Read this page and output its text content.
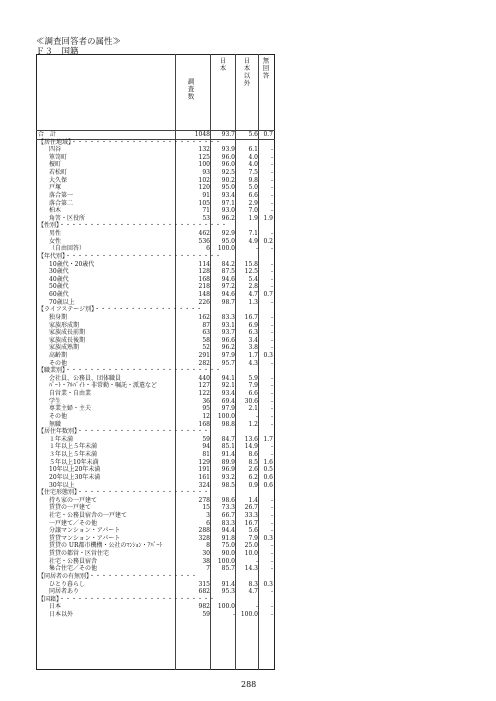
≪調査回答者の属性≫
Ｆ３　国籍
調査数
日本 日本以外 無回答
合　計	1048	93.7	5.6 0.7
【居住地域】・・・・・・・・・・・・・・・・・・・・・・・・・
四谷	132	93.9	6.1	-
箪笥町	125	96.0	4.0	-
榎町	100	96.0	4.0	-
若松町	93	92.5	7.5	-
大久保	102	90.2	9.8	-
戸塚	120	95.0	5.0	-
落合第一	91	93.4	6.6	-
落合第二	105	97.1	2.9	-
柏木	71	93.0	7.0	-
角筈・区役所	53	96.2	1.9 1.9
【性別】・・・・・・・・・・・・・・・・・・・・・・・・・・・・
男性	462	92.9	7.1	-
女性	536	95.0	4.9 0.2
（自由回答）	6	100.0	-	-
【年代別】・・・・・・・・・・・・・・・・・・・・・・・・・・
10歳代・20歳代	114	84.2	15.8	-
30歳代	128	87.5	12.5	-
40歳代	168	94.6	5.4	-
50歳代	218	97.2	2.8	-
60歳代	148	94.6	4.7 0.7
70歳以上	226	98.7	1.3	-
【ライフステージ別】・・・・・・・・・・・・・・・・・・
独身期	162	83.3	16.7	-
家族形成期	87	93.1	6.9	-
家族成長前期	63	93.7	6.3	-
家族成長後期	58	96.6	3.4	-
家族成熟期	52	96.2	3.8	-
高齢期	291	97.9	1.7 0.3
その他	282	95.7	4.3	-
【職業別】・・・・・・・・・・・・・・・・・・・・・・・・・・
会社員、公務員、団体職員	440	94.1	5.9	-
ﾊﾟｰﾄ・ｱﾙﾊﾞｲﾄ・非常勤・嘱託・派遣など	127	92.1	7.9	-
自営業・自由業	122	93.4	6.6	-
学生	36	69.4	30.6	-
専業主婦・主夫	95	97.9	2.1	-
その他	12	100.0	-	-
無職	168	98.8	1.2	-
【居住年数別】・・・・・・・・・・・・・・・・・・・・・・
１年未満	59	84.7	13.6 1.7
１年以上５年未満	94	85.1	14.9	-
３年以上５年未満	81	91.4	8.6	-
５年以上10年未満	129	89.9	8.5 1.6
10年以上20年未満	191	96.9	2.6 0.5
20年以上30年未満	161	93.2	6.2 0.6
30年以上	324	98.5	0.9 0.6
【住宅形態別】・・・・・・・・・・・・・・・・・・・・・・
持ち家の一戸建て	278	98.6	1.4	-
賃貸の一戸建て	15	73.3	26.7	-
社宅・公務員宿舎の一戸建て	3	66.7	33.3	-
一戸建て／その他	6	83.3	16.7	-
分譲マンション・アパート	288	94.4	5.6	-
賃貸マンション・アパート	328	91.8	7.9 0.3
賃貸の UR都市機構・公社のﾏﾝｼｮﾝ・ｱﾊﾟｰﾄ	8	75.0	25.0	-
賃貸の都営・区営住宅	30	90.0	10.0	-
社宅・公務員宿舎	38	100.0	-	-
集合住宅／その他	7	85.7	14.3	-
【同居者の有無別】・・・・・・・・・・・・・・・・・・
ひとり暮らし	315	91.4	8.3 0.3
同居者あり	682	95.3	4.7	-
【国籍】・・・・・・・・・・・・・・・・・・・・・・・・・・
日本	982	100.0	-	-
日本以外	59	- 100.0	-
288
